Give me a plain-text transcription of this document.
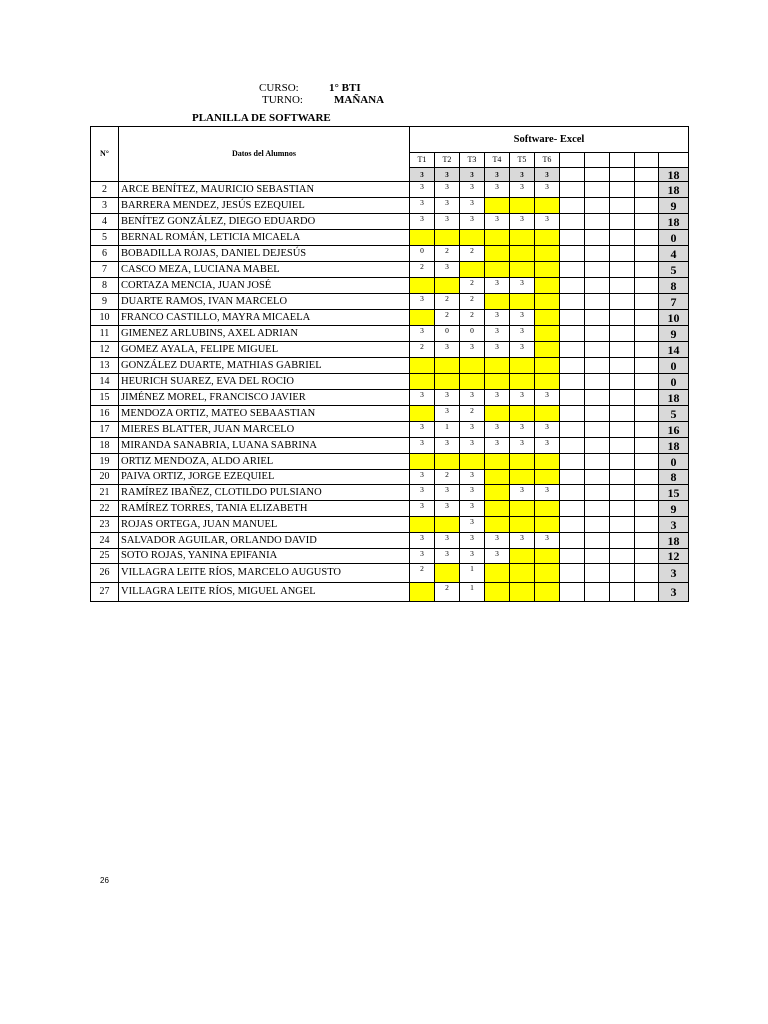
CURSO:	1° BTI
TURNO:	MAÑANA
PLANILLA DE SOFTWARE
N°	Datos del Alumnos	Software- Excel										
		T1	T2	T3	T4	T5	T6					
		3	3	3	3	3	3					18
2	ARCE BENÍTEZ, MAURICIO SEBASTIAN	3	3	3	3	3	3					18
3	BARRERA MENDEZ, JESÚS EZEQUIEL	3	3	3								9
4	BENÍTEZ GONZÁLEZ, DIEGO EDUARDO	3	3	3	3	3	3					18
5	BERNAL ROMÁN, LETICIA MICAELA											0
6	BOBADILLA ROJAS, DANIEL DEJESÚS	0	2	2								4
7	CASCO MEZA, LUCIANA MABEL	2	3									5
8	CORTAZA MENCIA, JUAN JOSÉ			2	3	3						8
9	DUARTE RAMOS, IVAN MARCELO	3	2	2								7
10	FRANCO CASTILLO, MAYRA MICAELA		2	2	3	3						10
11	GIMENEZ ARLUBINS, AXEL ADRIAN	3	0	0	3	3						9
12	GOMEZ AYALA, FELIPE MIGUEL	2	3	3	3	3						14
13	GONZÁLEZ DUARTE, MATHIAS GABRIEL											0
14	HEURICH SUAREZ, EVA DEL ROCIO											0
15	JIMÉNEZ MOREL, FRANCISCO JAVIER	3	3	3	3	3	3					18
16	MENDOZA ORTIZ, MATEO SEBAASTIAN		3	2								5
17	MIERES BLATTER, JUAN MARCELO	3	1	3	3	3	3					16
18	MIRANDA SANABRIA, LUANA SABRINA	3	3	3	3	3	3					18
19	ORTIZ MENDOZA, ALDO ARIEL											0
20	PAIVA ORTIZ, JORGE EZEQUIEL	3	2	3								8
21	RAMÍREZ IBAÑEZ, CLOTILDO PULSIANO	3	3	3		3	3					15
22	RAMÍREZ TORRES, TANIA ELIZABETH	3	3	3								9
23	ROJAS ORTEGA, JUAN MANUEL			3								3
24	SALVADOR AGUILAR, ORLANDO DAVID	3	3	3	3	3	3					18
25	SOTO ROJAS, YANINA EPIFANIA	3	3	3	3							12
26	VILLAGRA LEITE RÍOS, MARCELO AUGUSTO	2		1								3
27	VILLAGRA LEITE RÍOS, MIGUEL ANGEL		2	1								3
26
